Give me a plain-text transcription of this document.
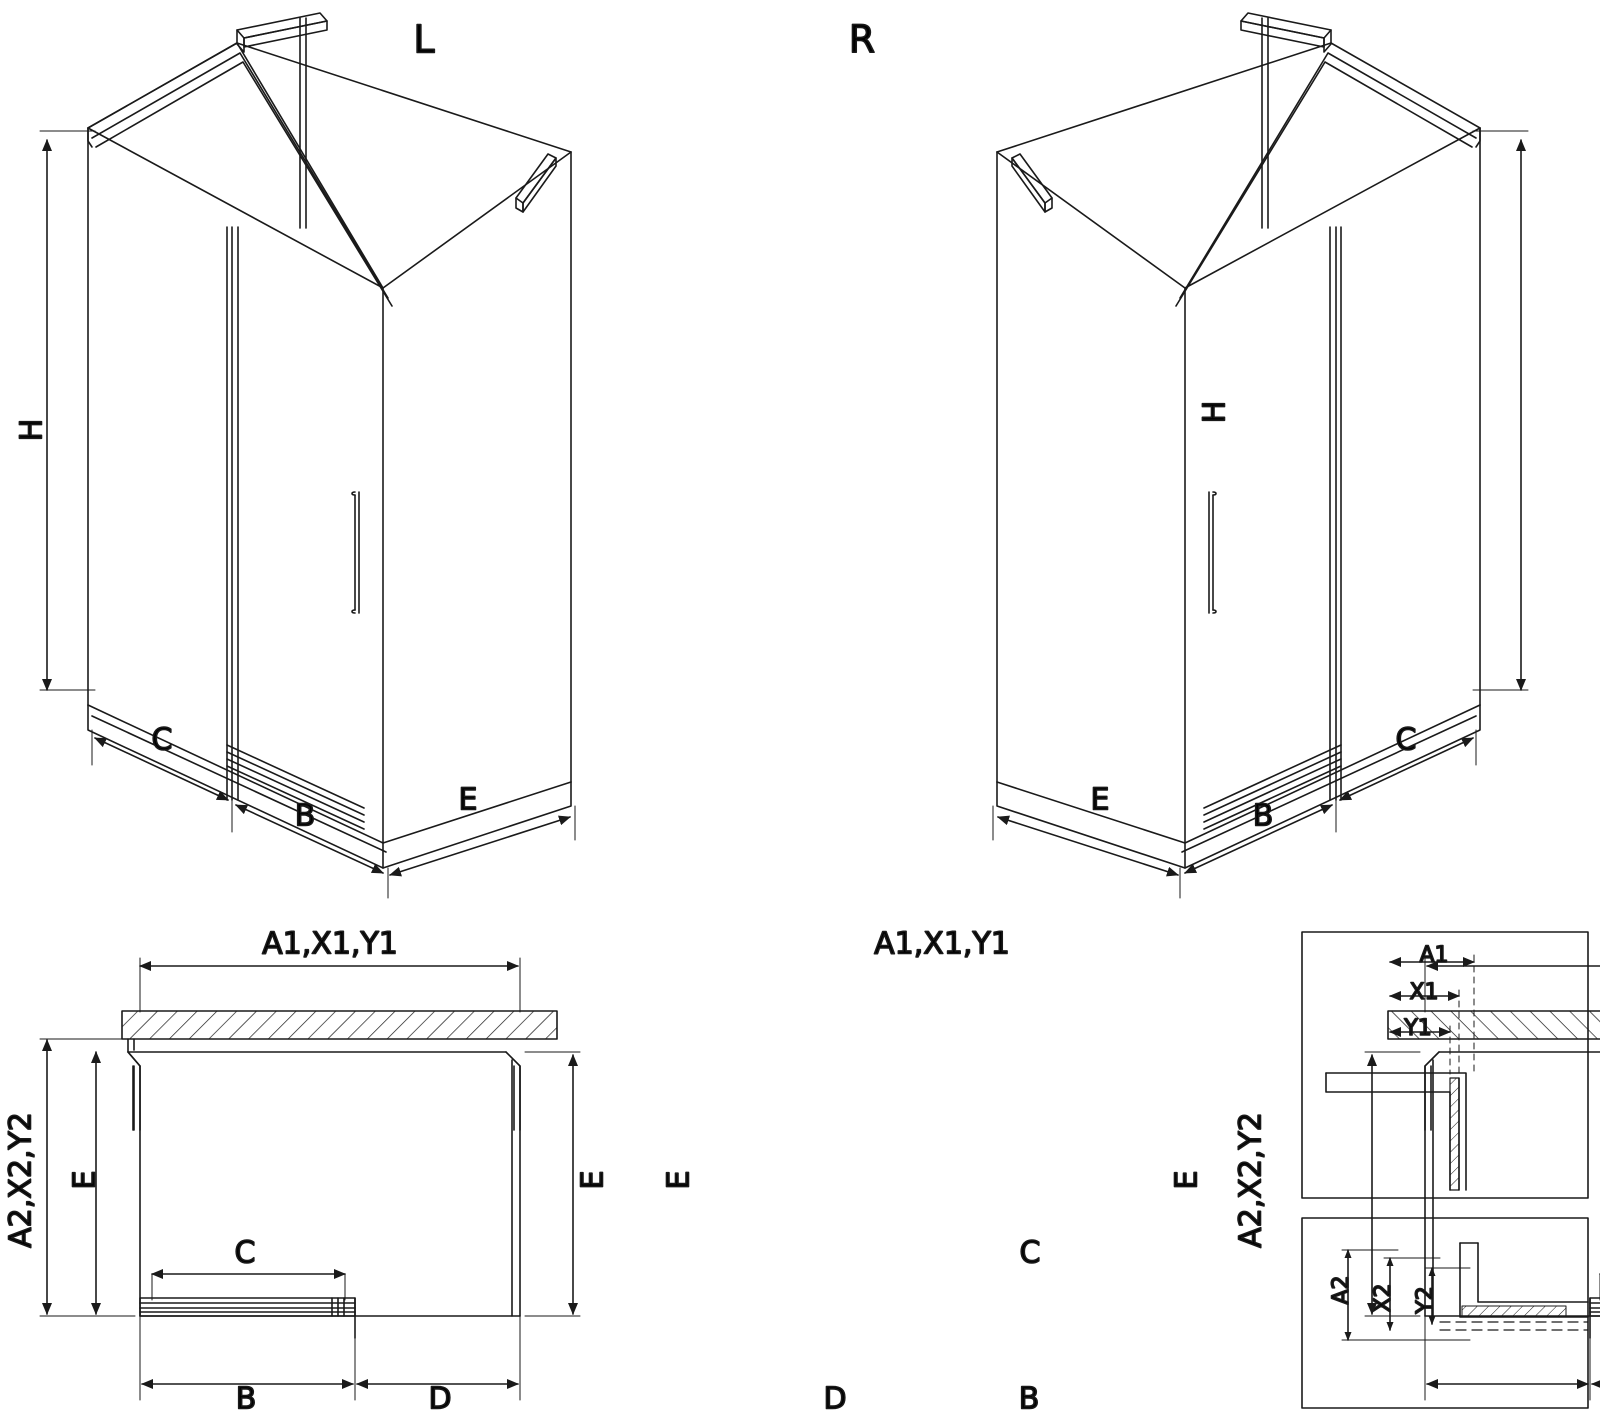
L
H
C
B	E
R
H
C
B
E
A1,X1,Y1
A2,X2,Y2 E	E
C
B	D
A1,X1,Y1
A2,X2,Y2
E
E
C
B
D
A1
X1
Y1
A2 X2 Y2
